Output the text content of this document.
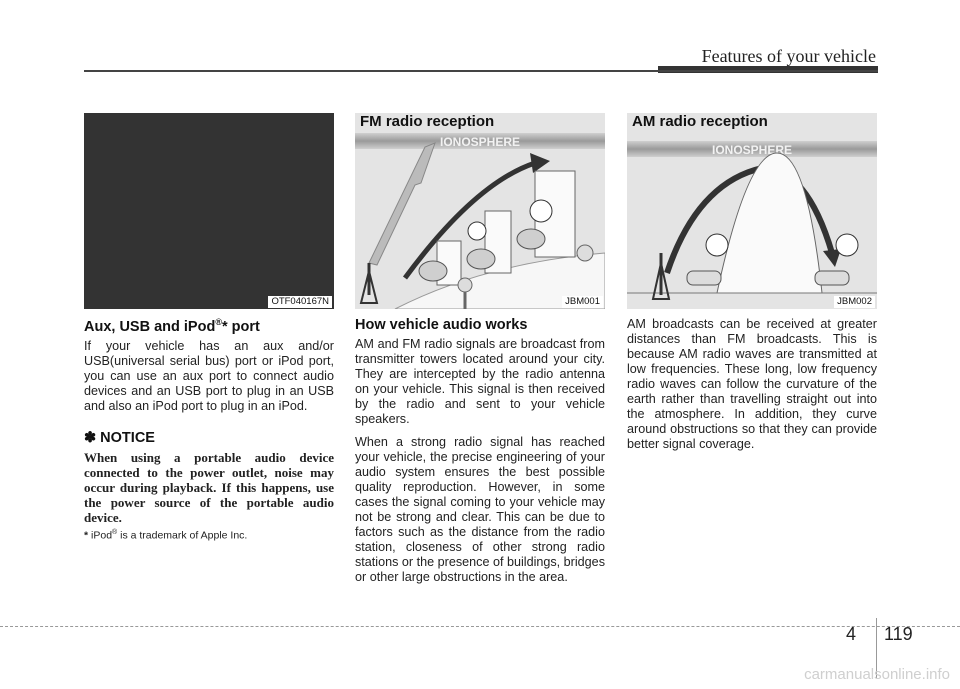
Features of your vehicle
OTF040167N
Aux, USB and iPod®* port

If your vehicle has an aux and/or USB(universal serial bus) port or iPod port, you can use an aux port to connect audio devices and an USB port to plug in an USB and also an iPod port to plug in an iPod.

✽ NOTICE
When using a portable audio device connected to the power outlet, noise may occur during playback. If this happens, use the power source of the portable audio device.
* iPod® is a trademark of Apple Inc.
IONOSPHERE
FM radio reception
JBM001
How vehicle audio works

AM and FM radio signals are broadcast from transmitter towers located around your city. They are intercepted by the radio antenna on your vehicle. This signal is then received by the radio and sent to your vehicle speakers.

When a strong radio signal has reached your vehicle, the precise engineering of your audio system ensures the best possible quality reproduction. However, in some cases the signal coming to your vehicle may not be strong and clear. This can be due to factors such as the distance from the radio station, closeness of other strong radio stations or the presence of buildings, bridges or other large obstructions in the area.

IONOSPHERE
AM radio reception
JBM002

AM broadcasts can be received at greater distances than FM broadcasts. This is because AM radio waves are transmitted at low frequencies. These long, low frequency radio waves can follow the curvature of the earth rather than travelling straight out into the atmosphere. In addition, they curve around obstructions so that they can provide better signal coverage.

4 119
carmanualsonline.info
